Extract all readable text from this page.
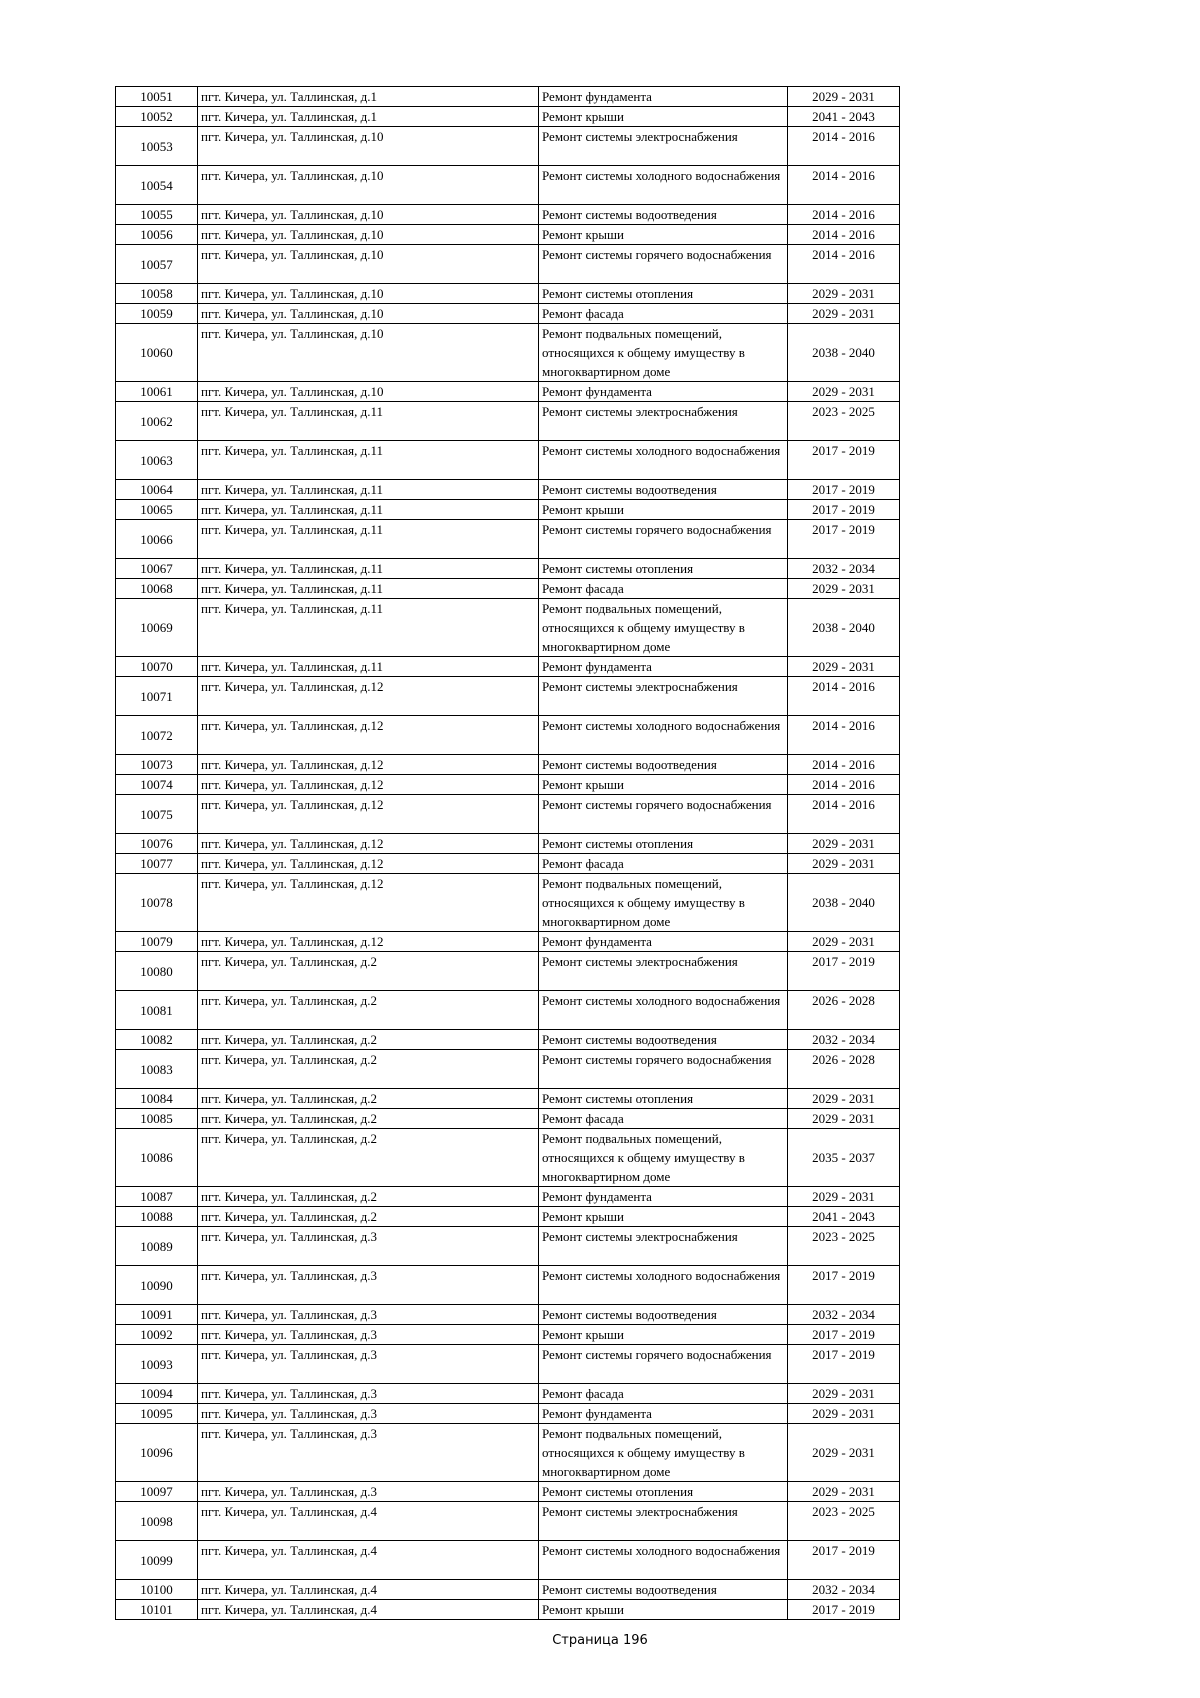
10051	пгт. Кичера, ул. Таллинская, д.1	Ремонт фундамента	2029 - 2031
10052	пгт. Кичера, ул. Таллинская, д.1	Ремонт крыши	2041 - 2043
10053	пгт. Кичера, ул. Таллинская, д.10	Ремонт системы электроснабжения	2014 - 2016
10054	пгт. Кичера, ул. Таллинская, д.10	Ремонт системы холодного водоснабжения	2014 - 2016
10055	пгт. Кичера, ул. Таллинская, д.10	Ремонт системы водоотведения	2014 - 2016
10056	пгт. Кичера, ул. Таллинская, д.10	Ремонт крыши	2014 - 2016
10057	пгт. Кичера, ул. Таллинская, д.10	Ремонт системы горячего водоснабжения	2014 - 2016
10058	пгт. Кичера, ул. Таллинская, д.10	Ремонт системы отопления	2029 - 2031
10059	пгт. Кичера, ул. Таллинская, д.10	Ремонт фасада	2029 - 2031
10060	пгт. Кичера, ул. Таллинская, д.10	Ремонт подвальных помещений, относящихся к общему имуществу в многоквартирном доме	2038 - 2040
10061	пгт. Кичера, ул. Таллинская, д.10	Ремонт фундамента	2029 - 2031
10062	пгт. Кичера, ул. Таллинская, д.11	Ремонт системы электроснабжения	2023 - 2025
10063	пгт. Кичера, ул. Таллинская, д.11	Ремонт системы холодного водоснабжения	2017 - 2019
10064	пгт. Кичера, ул. Таллинская, д.11	Ремонт системы водоотведения	2017 - 2019
10065	пгт. Кичера, ул. Таллинская, д.11	Ремонт крыши	2017 - 2019
10066	пгт. Кичера, ул. Таллинская, д.11	Ремонт системы горячего водоснабжения	2017 - 2019
10067	пгт. Кичера, ул. Таллинская, д.11	Ремонт системы отопления	2032 - 2034
10068	пгт. Кичера, ул. Таллинская, д.11	Ремонт фасада	2029 - 2031
10069	пгт. Кичера, ул. Таллинская, д.11	Ремонт подвальных помещений, относящихся к общему имуществу в многоквартирном доме	2038 - 2040
10070	пгт. Кичера, ул. Таллинская, д.11	Ремонт фундамента	2029 - 2031
10071	пгт. Кичера, ул. Таллинская, д.12	Ремонт системы электроснабжения	2014 - 2016
10072	пгт. Кичера, ул. Таллинская, д.12	Ремонт системы холодного водоснабжения	2014 - 2016
10073	пгт. Кичера, ул. Таллинская, д.12	Ремонт системы водоотведения	2014 - 2016
10074	пгт. Кичера, ул. Таллинская, д.12	Ремонт крыши	2014 - 2016
10075	пгт. Кичера, ул. Таллинская, д.12	Ремонт системы горячего водоснабжения	2014 - 2016
10076	пгт. Кичера, ул. Таллинская, д.12	Ремонт системы отопления	2029 - 2031
10077	пгт. Кичера, ул. Таллинская, д.12	Ремонт фасада	2029 - 2031
10078	пгт. Кичера, ул. Таллинская, д.12	Ремонт подвальных помещений, относящихся к общему имуществу в многоквартирном доме	2038 - 2040
10079	пгт. Кичера, ул. Таллинская, д.12	Ремонт фундамента	2029 - 2031
10080	пгт. Кичера, ул. Таллинская, д.2	Ремонт системы электроснабжения	2017 - 2019
10081	пгт. Кичера, ул. Таллинская, д.2	Ремонт системы холодного водоснабжения	2026 - 2028
10082	пгт. Кичера, ул. Таллинская, д.2	Ремонт системы водоотведения	2032 - 2034
10083	пгт. Кичера, ул. Таллинская, д.2	Ремонт системы горячего водоснабжения	2026 - 2028
10084	пгт. Кичера, ул. Таллинская, д.2	Ремонт системы отопления	2029 - 2031
10085	пгт. Кичера, ул. Таллинская, д.2	Ремонт фасада	2029 - 2031
10086	пгт. Кичера, ул. Таллинская, д.2	Ремонт подвальных помещений, относящихся к общему имуществу в многоквартирном доме	2035 - 2037
10087	пгт. Кичера, ул. Таллинская, д.2	Ремонт фундамента	2029 - 2031
10088	пгт. Кичера, ул. Таллинская, д.2	Ремонт крыши	2041 - 2043
10089	пгт. Кичера, ул. Таллинская, д.3	Ремонт системы электроснабжения	2023 - 2025
10090	пгт. Кичера, ул. Таллинская, д.3	Ремонт системы холодного водоснабжения	2017 - 2019
10091	пгт. Кичера, ул. Таллинская, д.3	Ремонт системы водоотведения	2032 - 2034
10092	пгт. Кичера, ул. Таллинская, д.3	Ремонт крыши	2017 - 2019
10093	пгт. Кичера, ул. Таллинская, д.3	Ремонт системы горячего водоснабжения	2017 - 2019
10094	пгт. Кичера, ул. Таллинская, д.3	Ремонт фасада	2029 - 2031
10095	пгт. Кичера, ул. Таллинская, д.3	Ремонт фундамента	2029 - 2031
10096	пгт. Кичера, ул. Таллинская, д.3	Ремонт подвальных помещений, относящихся к общему имуществу в многоквартирном доме	2029 - 2031
10097	пгт. Кичера, ул. Таллинская, д.3	Ремонт системы отопления	2029 - 2031
10098	пгт. Кичера, ул. Таллинская, д.4	Ремонт системы электроснабжения	2023 - 2025
10099	пгт. Кичера, ул. Таллинская, д.4	Ремонт системы холодного водоснабжения	2017 - 2019
10100	пгт. Кичера, ул. Таллинская, д.4	Ремонт системы водоотведения	2032 - 2034
10101	пгт. Кичера, ул. Таллинская, д.4	Ремонт крыши	2017 - 2019
Страница 196
